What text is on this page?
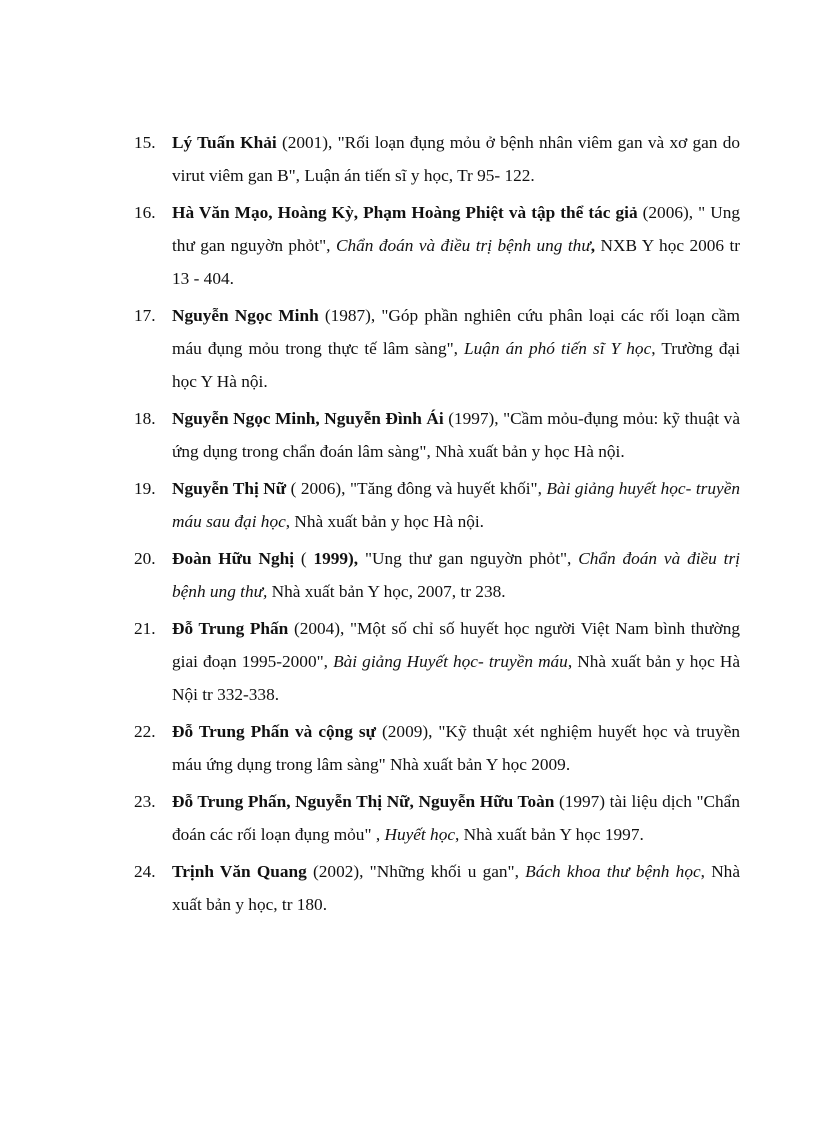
15. Lý Tuấn Khải (2001), "Rối loạn đụng mỏu ở bệnh nhân viêm gan và xơ gan do virut viêm gan B", Luận án tiến sĩ y học, Tr 95- 122.
16. Hà Văn Mạo, Hoàng Kỳ, Phạm Hoàng Phiệt và tập thể tác giả (2006), " Ung thư gan nguyờn phỏt", Chẩn đoán và điều trị bệnh ung thư, NXB Y học 2006 tr 13 - 404.
17. Nguyễn Ngọc Minh (1987), "Góp phần nghiên cứu phân loại các rối loạn cầm máu đụng mỏu trong thực tế lâm sàng", Luận án phó tiến sĩ Y học, Trường đại học Y Hà nội.
18. Nguyễn Ngọc Minh, Nguyễn Đình Ái (1997), "Cầm mỏu-đụng mỏu: kỹ thuật và ứng dụng trong chẩn đoán lâm sàng", Nhà xuất bản y học Hà nội.
19. Nguyễn Thị Nữ ( 2006), "Tăng đông và huyết khối", Bài giảng huyết học- truyền máu sau đại học, Nhà xuất bản y học Hà nội.
20. Đoàn Hữu Nghị ( 1999), "Ung thư gan nguyờn phỏt", Chẩn đoán và điều trị bệnh ung thư, Nhà xuất bản Y học, 2007, tr 238.
21. Đỗ Trung Phấn (2004), "Một số chỉ số huyết học người Việt Nam bình thường giai đoạn 1995-2000", Bài giảng Huyết học- truyền máu, Nhà xuất bản y học Hà Nội tr 332-338.
22. Đỗ Trung Phấn và cộng sự (2009), "Kỹ thuật xét nghiệm huyết học và truyền máu ứng dụng trong lâm sàng" Nhà xuất bản Y học 2009.
23. Đỗ Trung Phấn, Nguyễn Thị Nữ, Nguyễn Hữu Toàn (1997) tài liệu dịch "Chẩn đoán các rối loạn đụng mỏu" , Huyết học, Nhà xuất bản Y học 1997.
24. Trịnh Văn Quang (2002), "Những khối u gan", Bách khoa thư bệnh học, Nhà xuất bản y học, tr 180.
